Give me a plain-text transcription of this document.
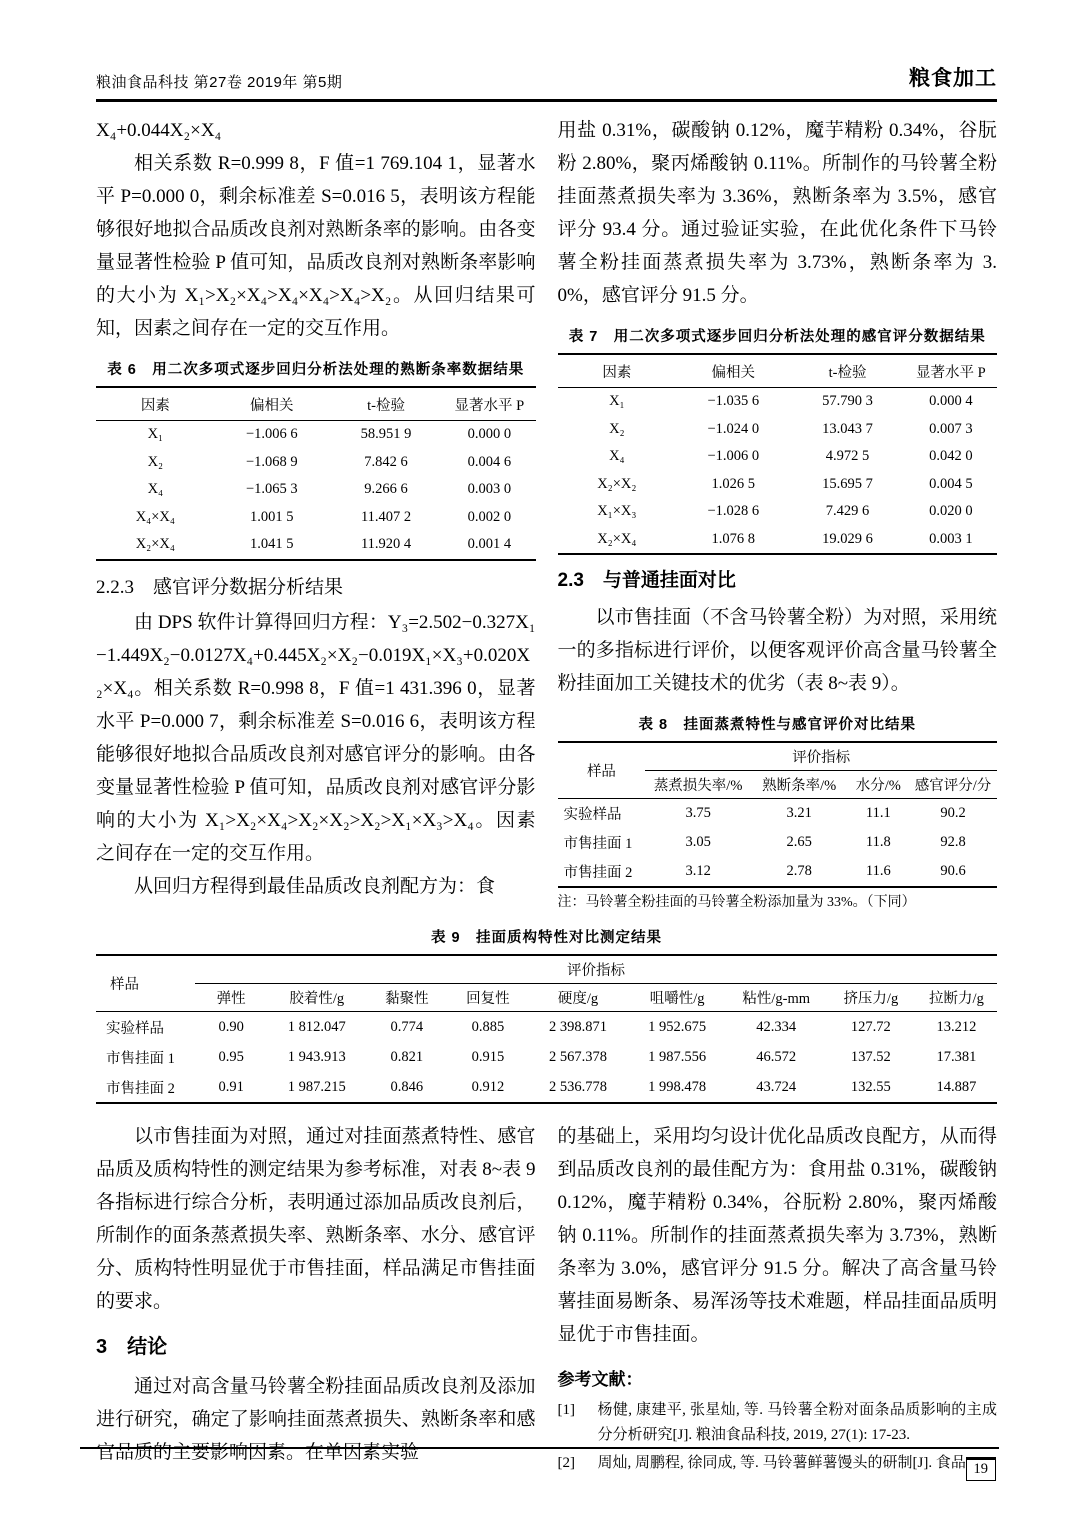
粮油食品科技 第27卷 2019年 第5期	粮食加工

X₄+0.044X₂×X₄

相关系数 R=0.999 8，F 值=1 769.104 1，显著水平 P=0.000 0，剩余标准差 S=0.016 5，表明该方程能够很好地拟合品质改良剂对熟断条率的影响。由各变量显著性检验 P 值可知，品质改良剂对熟断条率影响的大小为 X₁>X₂×X₄>X₄×X₄>X₄>X₂。从回归结果可知，因素之间存在一定的交互作用。

表 6　用二次多项式逐步回归分析法处理的熟断条率数据结果
因素	偏相关	t-检验	显著水平 P
X₁	−1.006 6	58.951 9	0.000 0
X₂	−1.068 9	7.842 6	0.004 6
X₄	−1.065 3	9.266 6	0.003 0
X₄×X₄	1.001 5	11.407 2	0.002 0
X₂×X₄	1.041 5	11.920 4	0.001 4
2.2.3　感官评分数据分析结果

由 DPS 软件计算得回归方程：Y₃=2.502−0.327X₁−1.449X₂−0.0127X₄+0.445X₂×X₂−0.019X₁×X₃+0.020X₂×X₄。相关系数 R=0.998 8，F 值=1 431.396 0，显著水平 P=0.000 7，剩余标准差 S=0.016 6，表明该方程能够很好地拟合品质改良剂对感官评分的影响。由各变量显著性检验 P 值可知，品质改良剂对感官评分影响的大小为 X₁>X₂×X₄>X₂×X₂>X₂>X₁×X₃>X₄。因素之间存在一定的交互作用。

从回归方程得到最佳品质改良剂配方为：食

用盐 0.31%，碳酸钠 0.12%，魔芋精粉 0.34%，谷朊粉 2.80%，聚丙烯酸钠 0.11%。所制作的马铃薯全粉挂面蒸煮损失率为 3.36%，熟断条率为 3.5%，感官评分 93.4 分。通过验证实验，在此优化条件下马铃薯全粉挂面蒸煮损失率为 3.73%，熟断条率为 3.0%，感官评分 91.5 分。

表 7　用二次多项式逐步回归分析法处理的感官评分数据结果
因素	偏相关	t-检验	显著水平 P
X₁	−1.035 6	57.790 3	0.000 4
X₂	−1.024 0	13.043 7	0.007 3
X₄	−1.006 0	4.972 5	0.042 0
X₂×X₂	1.026 5	15.695 7	0.004 5
X₁×X₃	−1.028 6	7.429 6	0.020 0
X₂×X₄	1.076 8	19.029 6	0.003 1
2.3　与普通挂面对比

以市售挂面（不含马铃薯全粉）为对照，采用统一的多指标进行评价，以便客观评价高含量马铃薯全粉挂面加工关键技术的优劣（表 8~表 9）。

表 8　挂面蒸煮特性与感官评价对比结果
样品	评价指标			
	蒸煮损失率/%	熟断条率/%	水分/%	感官评分/分
实验样品	3.75	3.21	11.1	90.2
市售挂面 1	3.05	2.65	11.8	92.8
市售挂面 2	3.12	2.78	11.6	90.6
注：马铃薯全粉挂面的马铃薯全粉添加量为 33%。（下同）
表 9　挂面质构特性对比测定结果
样品	评价指标								
	弹性	胶着性/g	黏聚性	回复性	硬度/g	咀嚼性/g	粘性/g-mm	挤压力/g	拉断力/g
实验样品	0.90	1 812.047	0.774	0.885	2 398.871	1 952.675	42.334	127.72	13.212
市售挂面 1	0.95	1 943.913	0.821	0.915	2 567.378	1 987.556	46.572	137.52	17.381
市售挂面 2	0.91	1 987.215	0.846	0.912	2 536.778	1 998.478	43.724	132.55	14.887

以市售挂面为对照，通过对挂面蒸煮特性、感官品质及质构特性的测定结果为参考标准，对表 8~表 9 各指标进行综合分析，表明通过添加品质改良剂后，所制作的面条蒸煮损失率、熟断条率、水分、感官评分、质构特性明显优于市售挂面，样品满足市售挂面的要求。

3　结论

通过对高含量马铃薯全粉挂面品质改良剂及添加进行研究，确定了影响挂面蒸煮损失、熟断条率和感官品质的主要影响因素。在单因素实验

的基础上，采用均匀设计优化品质改良配方，从而得到品质改良剂的最佳配方为：食用盐 0.31%，碳酸钠 0.12%，魔芋精粉 0.34%，谷朊粉 2.80%，聚丙烯酸钠 0.11%。所制作的挂面蒸煮损失率为 3.73%，熟断条率为 3.0%，感官评分 91.5 分。解决了高含量马铃薯挂面易断条、易浑汤等技术难题，样品挂面品质明显优于市售挂面。

参考文献：
[1]	杨健, 康建平, 张星灿, 等. 马铃薯全粉对面条品质影响的主成分分析研究[J]. 粮油食品科技, 2019, 27(1): 17-23.
[2]	周灿, 周鹏程, 徐同成, 等. 马铃薯鲜薯馒头的研制[J]. 食品 19
